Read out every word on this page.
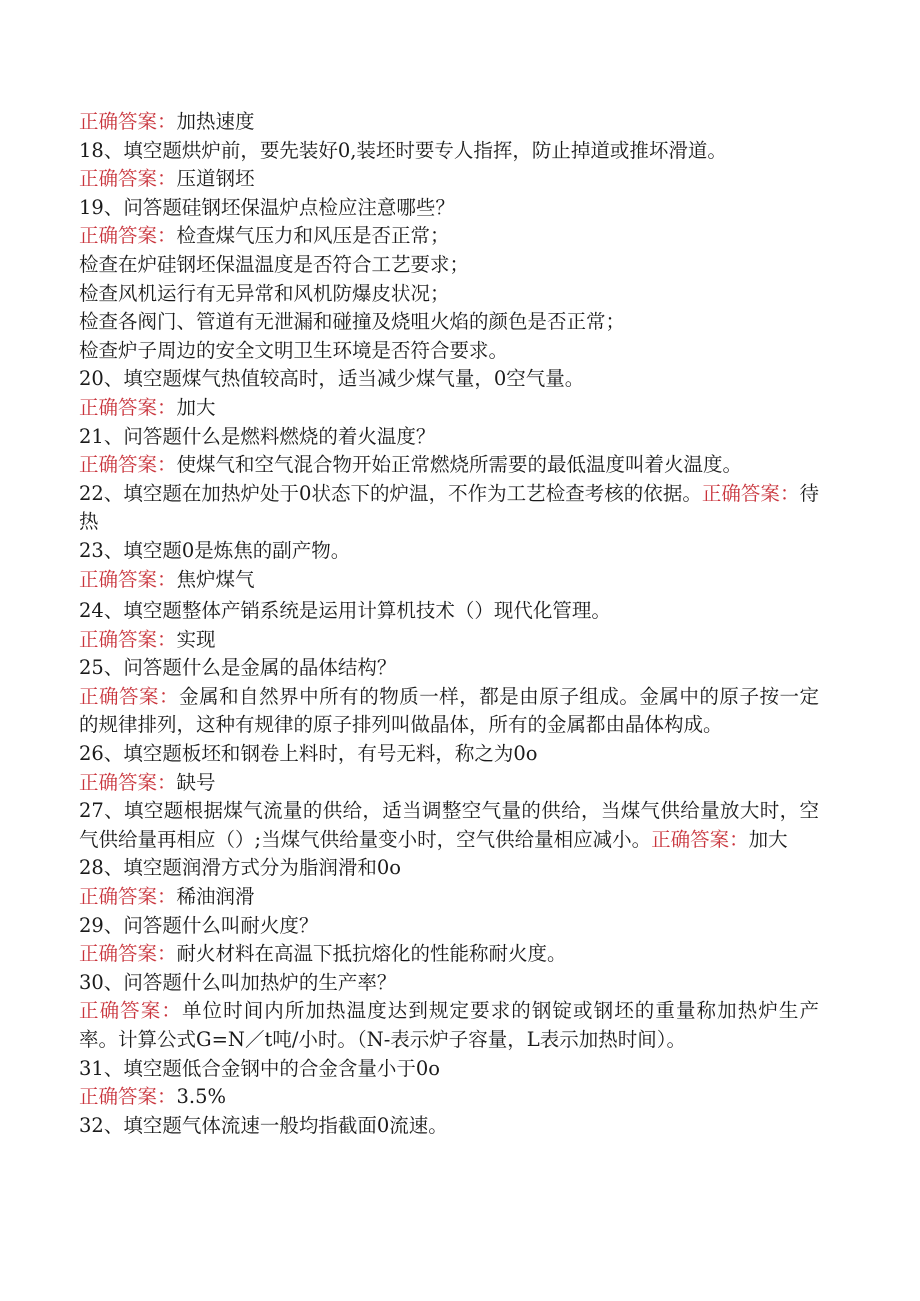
正确答案：加热速度
18、填空题烘炉前，要先装好0,装坯时要专人指挥，防止掉道或推坏滑道。
正确答案：压道钢坯
19、问答题硅钢坯保温炉点检应注意哪些？
正确答案：检查煤气压力和风压是否正常；
检查在炉硅钢坯保温温度是否符合工艺要求；
检查风机运行有无异常和风机防爆皮状况；
检查各阀门、管道有无泄漏和碰撞及烧咀火焰的颜色是否正常；
检查炉子周边的安全文明卫生环境是否符合要求。
20、填空题煤气热值较高时，适当减少煤气量，0空气量。
正确答案：加大
21、问答题什么是燃料燃烧的着火温度？
正确答案：使煤气和空气混合物开始正常燃烧所需要的最低温度叫着火温度。
22、填空题在加热炉处于0状态下的炉温，不作为工艺检查考核的依据。正确答案：待热
23、填空题0是炼焦的副产物。
正确答案：焦炉煤气
24、填空题整体产销系统是运用计算机技术（）现代化管理。
正确答案：实现
25、问答题什么是金属的晶体结构？
正确答案：金属和自然界中所有的物质一样，都是由原子组成。金属中的原子按一定的规律排列，这种有规律的原子排列叫做晶体，所有的金属都由晶体构成。
26、填空题板坯和钢卷上料时，有号无料，称之为0o
正确答案：缺号
27、填空题根据煤气流量的供给，适当调整空气量的供给，当煤气供给量放大时，空气供给量再相应（）;当煤气供给量变小时，空气供给量相应减小。正确答案：加大
28、填空题润滑方式分为脂润滑和0o
正确答案：稀油润滑
29、问答题什么叫耐火度？
正确答案：耐火材料在高温下抵抗熔化的性能称耐火度。
30、问答题什么叫加热炉的生产率？
正确答案：单位时间内所加热温度达到规定要求的钢锭或钢坯的重量称加热炉生产率。计算公式G=N／t吨/小时。（N-表示炉子容量，L表示加热时间）。
31、填空题低合金钢中的合金含量小于0o
正确答案：3.5%
32、填空题气体流速一般均指截面0流速。
